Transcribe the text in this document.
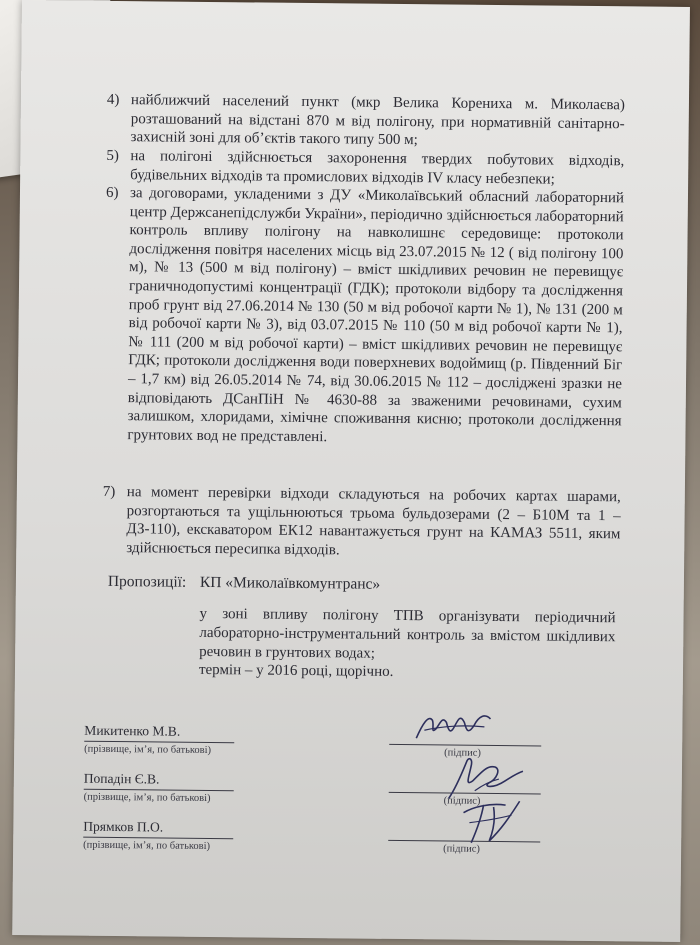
4) найближчий населений пункт (мкр Велика Корениха м. Миколаєва) розташований на відстані 870 м від полігону, при нормативній санітарно-захисній зоні для об’єктів такого типу 500 м;
5) на полігоні здійснюється захоронення твердих побутових відходів, будівельних відходів та промислових відходів IV класу небезпеки;
6) за договорами, укладеними з ДУ «Миколаївський обласний лабораторний центр Держсанепідслужби України», періодично здійснюється лабораторний контроль впливу полігону на навколишнє середовище: протоколи дослідження повітря населених місць від 23.07.2015 № 12 ( від полігону 100 м), № 13 (500 м від полігону) – вміст шкідливих речовин не перевищує граничнодопустимі концентрації (ГДК); протоколи відбору та дослідження проб грунт від 27.06.2014 № 130 (50 м від робочої карти № 1), № 131 (200 м від робочої карти № 3), від 03.07.2015 № 110 (50 м від робочої карти № 1), № 111 (200 м від робочої карти) – вміст шкідливих речовин не перевищує ГДК; протоколи дослідження води поверхневих водоймищ (р. Південний Біг – 1,7 км) від 26.05.2014 № 74, від 30.06.2015 № 112 – досліджені зразки не відповідають ДСанПіН № 4630-88 за зваженими речовинами, сухим залишком, хлоридами, хімічне споживання кисню; протоколи дослідження грунтових вод не представлені.
7) на момент перевірки відходи складуються на робочих картах шарами, розгортаються та ущільнюються трьома бульдозерами (2 – Б10М та 1 – ДЗ-110), екскаватором ЕК12 навантажується грунт на КАМАЗ 5511, яким здійснюється пересипка відходів.
Пропозиції: КП «Миколаївкомунтранс»
у зоні впливу полігону ТПВ організувати періодичний лабораторно-інструментальний контроль за вмістом шкідливих речовин в грунтових водах;
термін – у 2016 році, щорічно.
Микитенко М.В.
(прізвище, ім’я, по батькові)	(підпис)
Попадін Є.В.
(прізвище, ім’я, по батькові)	(підпис)
Прямков П.О.
(прізвище, ім’я, по батькові)	(підпис)
